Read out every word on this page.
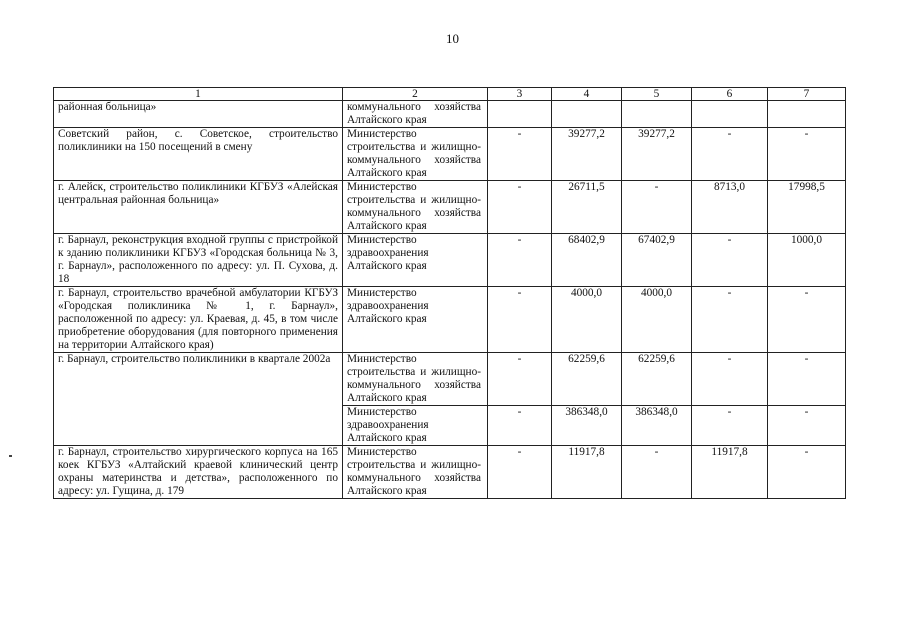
10
1	2	3	4	5	6	7
районная больница»	коммунального хозяйства Алтайского края					
Советский район, с. Советское, строительство поликлиники на 150 посещений в смену	Министерство строительства и жилищно-коммунального хозяйства Алтайского края	-	39277,2	39277,2	-	-
г. Алейск, строительство поликлиники КГБУЗ «Алейская центральная районная больница»	Министерство строительства и жилищно-коммунального хозяйства Алтайского края	-	26711,5	-	8713,0	17998,5
г. Барнаул, реконструкция входной группы с пристройкой к зданию поликлиники КГБУЗ «Городская больница № 3, г. Барнаул», расположенного по адресу: ул. П. Сухова, д. 18	Министерство здравоохранения Алтайского края	-	68402,9	67402,9	-	1000,0
г. Барнаул, строительство врачебной амбулатории КГБУЗ «Городская поликлиника № 1, г. Барнаул», расположенной по адресу: ул. Краевая, д. 45, в том числе приобретение оборудования (для повторного применения на территории Алтайского края)	Министерство здравоохранения Алтайского края	-	4000,0	4000,0	-	-
г. Барнаул, строительство поликлиники в квартале 2002а	Министерство строительства и жилищно-коммунального хозяйства Алтайского края	-	62259,6	62259,6	-	-
	Министерство здравоохранения Алтайского края	-	386348,0	386348,0	-	-
г. Барнаул, строительство хирургического корпуса на 165 коек КГБУЗ «Алтайский краевой клинический центр охраны материнства и детства», расположенного по адресу: ул. Гущина, д. 179	Министерство строительства и жилищно-коммунального хозяйства Алтайского края	-	11917,8	-	11917,8	-
